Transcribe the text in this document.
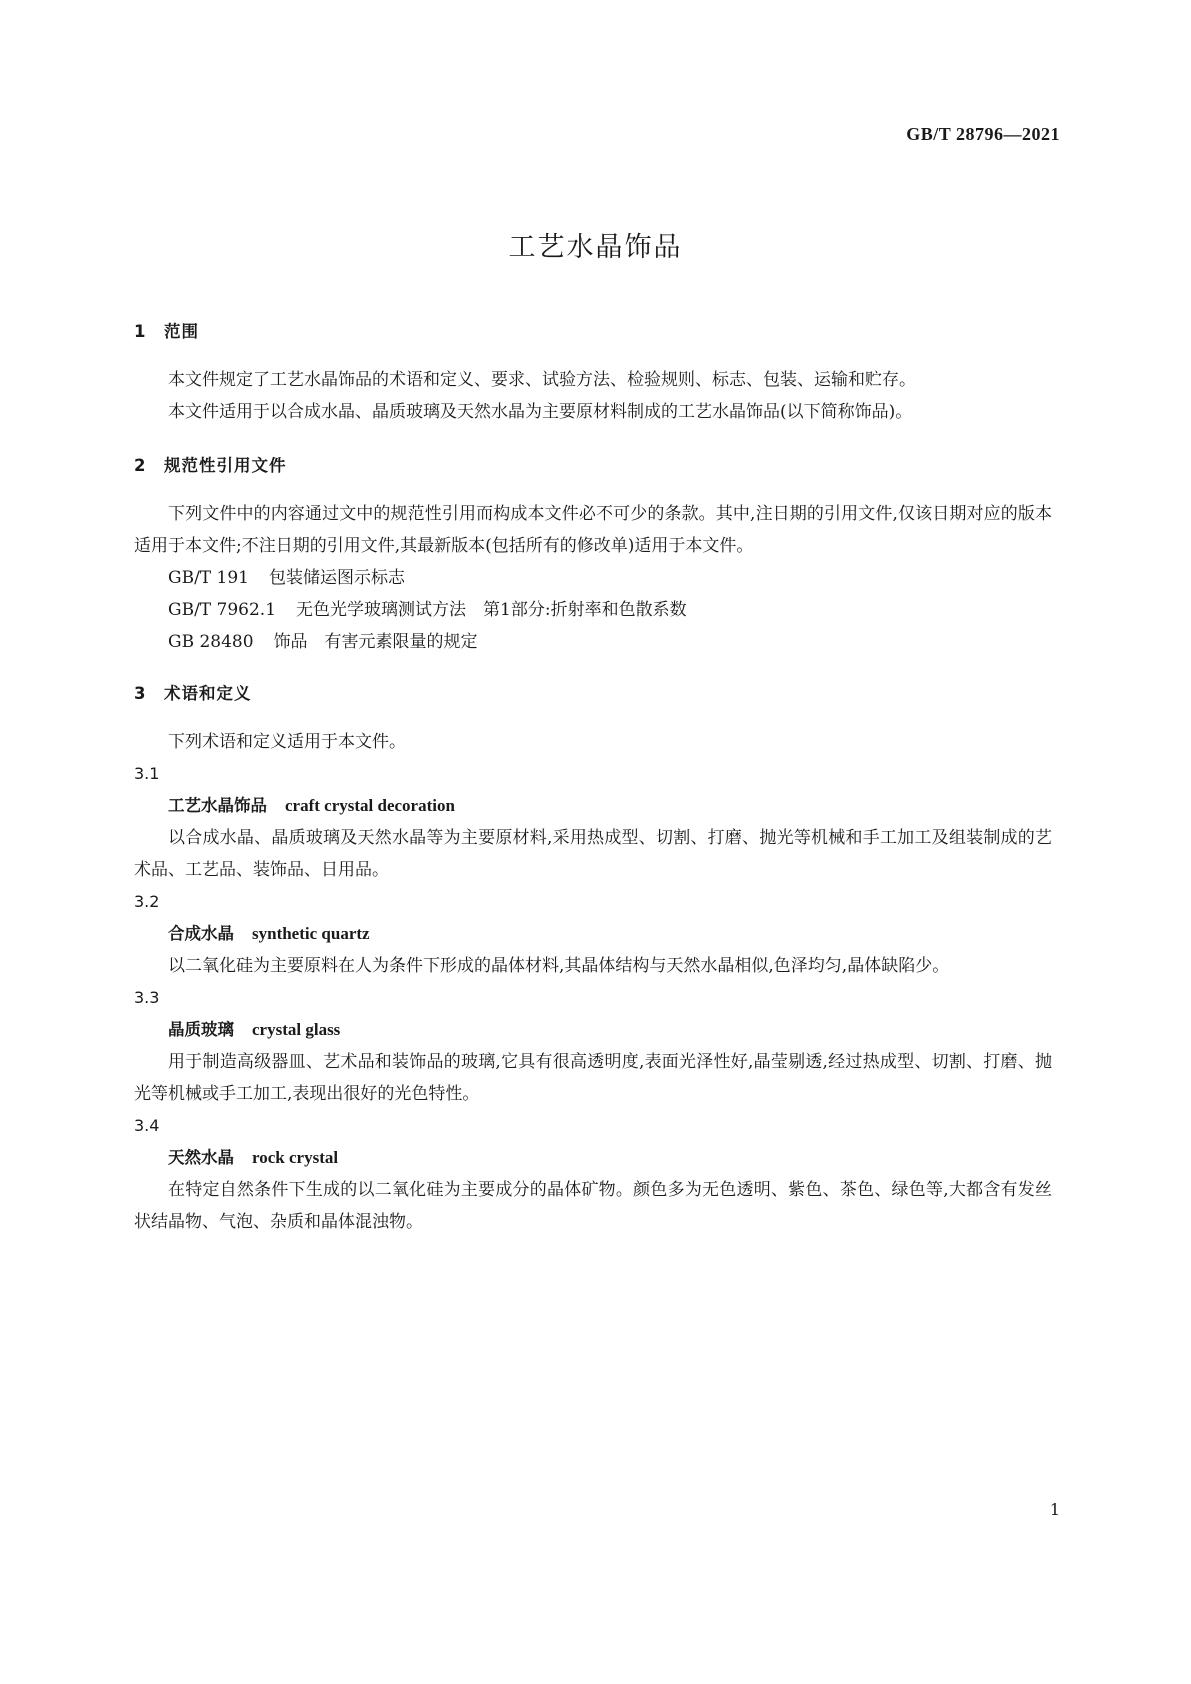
GB/T 28796—2021
工艺水晶饰品
1 范围

本文件规定了工艺水晶饰品的术语和定义、要求、试验方法、检验规则、标志、包装、运输和贮存。

本文件适用于以合成水晶、晶质玻璃及天然水晶为主要原材料制成的工艺水晶饰品(以下简称饰品)。

2 规范性引用文件

下列文件中的内容通过文中的规范性引用而构成本文件必不可少的条款。其中,注日期的引用文件,仅该日期对应的版本适用于本文件;不注日期的引用文件,其最新版本(包括所有的修改单)适用于本文件。

GB/T 191 包装储运图示标志

GB/T 7962.1 无色光学玻璃测试方法　第1部分:折射率和色散系数

GB 28480 饰品　有害元素限量的规定

3 术语和定义

下列术语和定义适用于本文件。

3.1

工艺水晶饰品 craft crystal decoration

以合成水晶、晶质玻璃及天然水晶等为主要原材料,采用热成型、切割、打磨、抛光等机械和手工加工及组装制成的艺术品、工艺品、装饰品、日用品。

3.2

合成水晶 synthetic quartz

以二氧化硅为主要原料在人为条件下形成的晶体材料,其晶体结构与天然水晶相似,色泽均匀,晶体缺陷少。

3.3

晶质玻璃 crystal glass

用于制造高级器皿、艺术品和装饰品的玻璃,它具有很高透明度,表面光泽性好,晶莹剔透,经过热成型、切割、打磨、抛光等机械或手工加工,表现出很好的光色特性。

3.4

天然水晶 rock crystal

在特定自然条件下生成的以二氧化硅为主要成分的晶体矿物。颜色多为无色透明、紫色、茶色、绿色等,大都含有发丝状结晶物、气泡、杂质和晶体混浊物。

1
